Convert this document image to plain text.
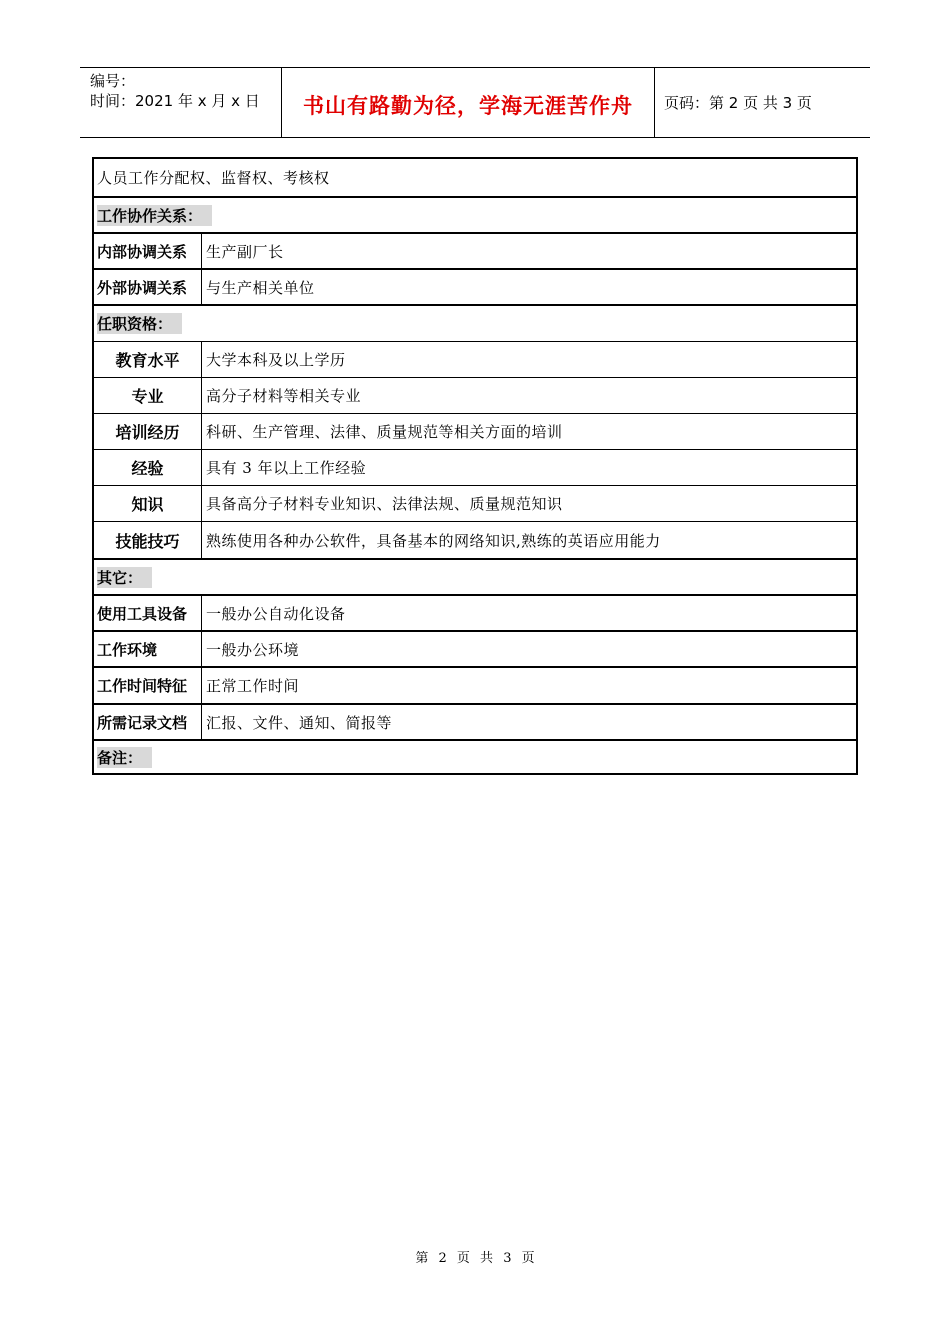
编号：
时间：2021 年 x 月 x 日	书山有路勤为径，学海无涯苦作舟	页码：第 2 页 共 3 页
人员工作分配权、监督权、考核权
工作协作关系：
内部协调关系	生产副厂长
外部协调关系	与生产相关单位
任职资格：
教育水平	大学本科及以上学历
专业	高分子材料等相关专业
培训经历	科研、生产管理、法律、质量规范等相关方面的培训
经验	具有 3 年以上工作经验
知识	具备高分子材料专业知识、法律法规、质量规范知识
技能技巧	熟练使用各种办公软件，具备基本的网络知识,熟练的英语应用能力
其它：
使用工具设备	一般办公自动化设备
工作环境	一般办公环境
工作时间特征	正常工作时间
所需记录文档	汇报、文件、通知、简报等
备注：
第 2 页 共 3 页
